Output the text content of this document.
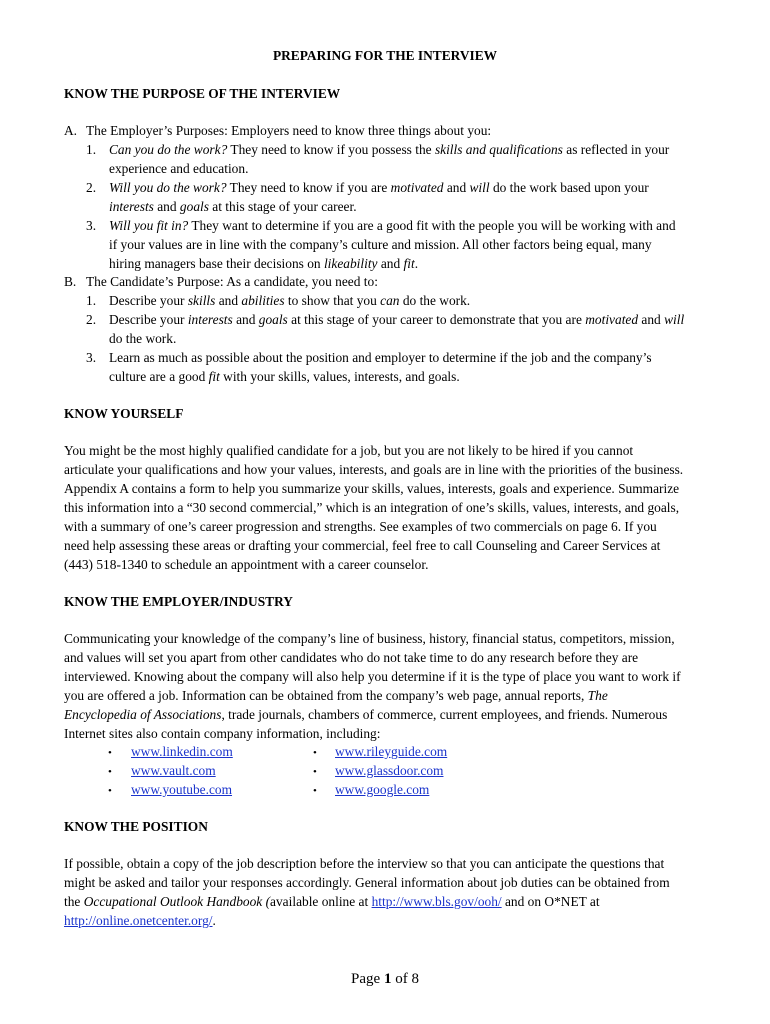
PREPARING FOR THE INTERVIEW
KNOW THE PURPOSE OF THE INTERVIEW
A. The Employer’s Purposes: Employers need to know three things about you:
1. Can you do the work? They need to know if you possess the skills and qualifications as reflected in your
experience and education.
2. Will you do the work? They need to know if you are motivated and will do the work based upon your
interests and goals at this stage of your career.
3. Will you fit in? They want to determine if you are a good fit with the people you will be working with and
if your values are in line with the company’s culture and mission. All other factors being equal, many
hiring managers base their decisions on likeability and fit.
B. The Candidate’s Purpose: As a candidate, you need to:
1. Describe your skills and abilities to show that you can do the work.
2. Describe your interests and goals at this stage of your career to demonstrate that you are motivated and will
do the work.
3. Learn as much as possible about the position and employer to determine if the job and the company’s
culture are a good fit with your skills, values, interests, and goals.
KNOW YOURSELF
You might be the most highly qualified candidate for a job, but you are not likely to be hired if you cannot
articulate your qualifications and how your values, interests, and goals are in line with the priorities of the business.
Appendix A contains a form to help you summarize your skills, values, interests, goals and experience. Summarize
this information into a “30 second commercial,” which is an integration of one’s skills, values, interests, and goals,
with a summary of one’s career progression and strengths. See examples of two commercials on page 6. If you
need help assessing these areas or drafting your commercial, feel free to call Counseling and Career Services at
(443) 518-1340 to schedule an appointment with a career counselor.
KNOW THE EMPLOYER/INDUSTRY
Communicating your knowledge of the company’s line of business, history, financial status, competitors, mission,
and values will set you apart from other candidates who do not take time to do any research before they are
interviewed. Knowing about the company will also help you determine if it is the type of place you want to work if
you are offered a job. Information can be obtained from the company’s web page, annual reports, The
Encyclopedia of Associations, trade journals, chambers of commerce, current employees, and friends. Numerous
Internet sites also contain company information, including:
• www.linkedin.com	• www.rileyguide.com
• www.vault.com	• www.glassdoor.com
• www.youtube.com	• www.google.com
KNOW THE POSITION
If possible, obtain a copy of the job description before the interview so that you can anticipate the questions that
might be asked and tailor your responses accordingly. General information about job duties can be obtained from
the Occupational Outlook Handbook (available online at http://www.bls.gov/ooh/ and on O*NET at
http://online.onetcenter.org/.
Page 1 of 8
